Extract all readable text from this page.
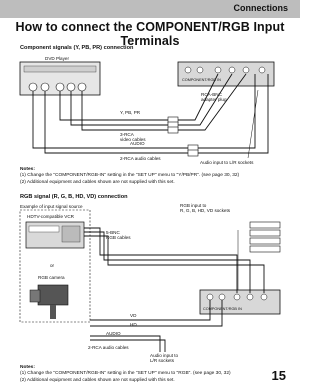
Connections
How to connect the COMPONENT/RGB Input Terminals
Component signals (Y, PB, PR) connection
DVD Player
COMPONENT/RGB IN
RCA-BNC
adapter plug
Y, PB, PR
3-RCA
video cables
AUDIO
2-RCA audio cables
Audio input to L/R sockets
Notes:
(1) Change the "COMPONENT/RGB-IN" setting in the "SET UP" menu to "Y/PB/PR". (see page 30, 32)
(2) Additional equipment and cables shown are not supplied with this set.
RGB signal (R, G, B, HD, VD) connection
Example of input signal source
HDTV-compatible VCR
or
RGB camera
5-BNC
RGB cables
RGB input to
R, G, B, HD, VD sockets
VD
HD
AUDIO
2-RCA audio cables
Audio input to
L/R sockets
COMPONENT/RGB IN
Notes:
(1) Change the "COMPONENT/RGB-IN" setting in the "SET UP" menu to "RGB". (see page 30, 32)
(2) Additional equipment and cables shown are not supplied with this set.	15
